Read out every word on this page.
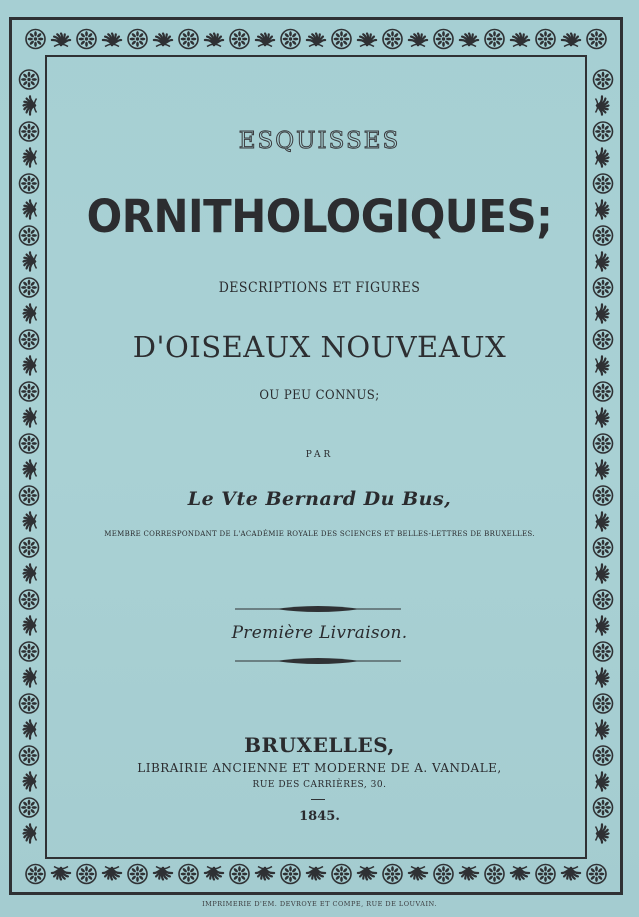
ESQUISSES
ORNITHOLOGIQUES;
DESCRIPTIONS ET FIGURES
D'OISEAUX NOUVEAUX
OU PEU CONNUS;
PAR
Le Vte Bernard Du Bus,
MEMBRE CORRESPONDANT DE L'ACADÉMIE ROYALE DES SCIENCES ET BELLES-LETTRES DE BRUXELLES.
Première Livraison.
BRUXELLES,
LIBRAIRIE ANCIENNE ET MODERNE DE A. VANDALE,
RUE DES CARRIÈRES, 30.
1845.
IMPRIMERIE D'EM. DEVROYE ET COMPE, RUE DE LOUVAIN.
